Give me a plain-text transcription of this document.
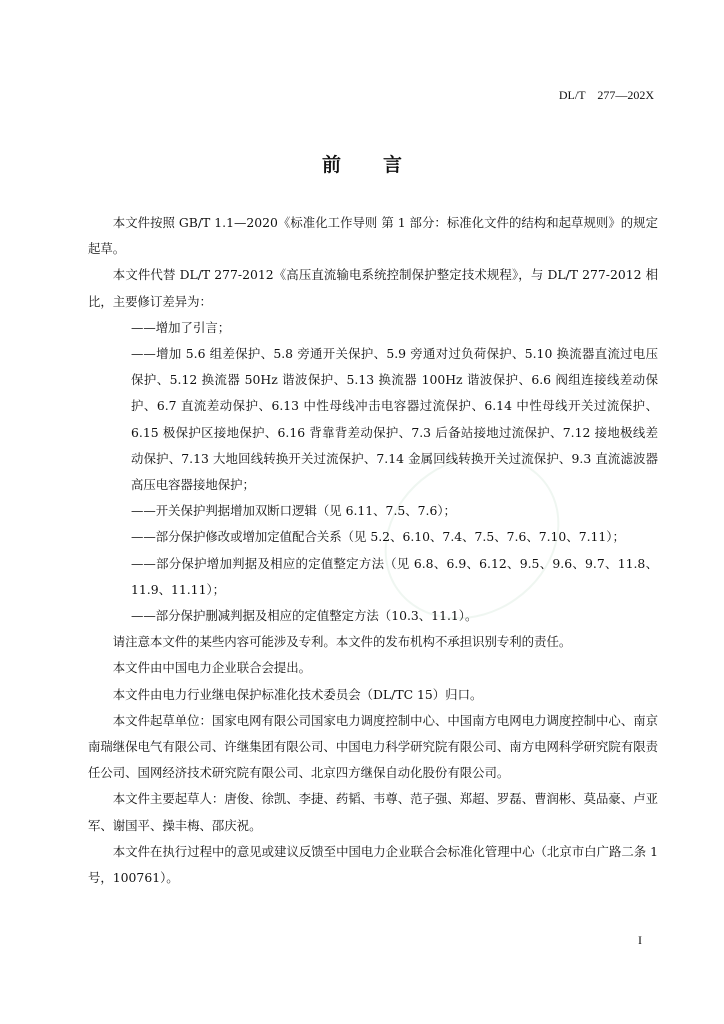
DL/T    277—202X
前言

本文件按照 GB/T 1.1—2020《标准化工作导则 第 1 部分：标准化文件的结构和起草规则》的规定起草。

本文件代替 DL/T 277-2012《高压直流输电系统控制保护整定技术规程》，与 DL/T 277-2012 相比，主要修订差异为：

——增加了引言；

——增加 5.6 组差保护、5.8 旁通开关保护、5.9 旁通对过负荷保护、5.10 换流器直流过电压保护、5.12 换流器 50Hz 谐波保护、5.13 换流器 100Hz 谐波保护、6.6 阀组连接线差动保护、6.7 直流差动保护、6.13 中性母线冲击电容器过流保护、6.14 中性母线开关过流保护、6.15 极保护区接地保护、6.16 背靠背差动保护、7.3 后备站接地过流保护、7.12 接地极线差动保护、7.13 大地回线转换开关过流保护、7.14 金属回线转换开关过流保护、9.3 直流滤波器高压电容器接地保护；

——开关保护判据增加双断口逻辑（见 6.11、7.5、7.6）；

——部分保护修改或增加定值配合关系（见 5.2、6.10、7.4、7.5、7.6、7.10、7.11）；

——部分保护增加判据及相应的定值整定方法（见 6.8、6.9、6.12、9.5、9.6、9.7、11.8、11.9、11.11）；

——部分保护删减判据及相应的定值整定方法（10.3、11.1）。

请注意本文件的某些内容可能涉及专利。本文件的发布机构不承担识别专利的责任。

本文件由中国电力企业联合会提出。

本文件由电力行业继电保护标准化技术委员会（DL/TC 15）归口。

本文件起草单位：国家电网有限公司国家电力调度控制中心、中国南方电网电力调度控制中心、南京南瑞继保电气有限公司、许继集团有限公司、中国电力科学研究院有限公司、南方电网科学研究院有限责任公司、国网经济技术研究院有限公司、北京四方继保自动化股份有限公司。

本文件主要起草人：唐俊、徐凯、李捷、药韬、韦尊、范子强、郑超、罗磊、曹润彬、莫品豪、卢亚军、谢国平、操丰梅、邵庆祝。

本文件在执行过程中的意见或建议反馈至中国电力企业联合会标准化管理中心（北京市白广路二条 1 号，100761）。

I
